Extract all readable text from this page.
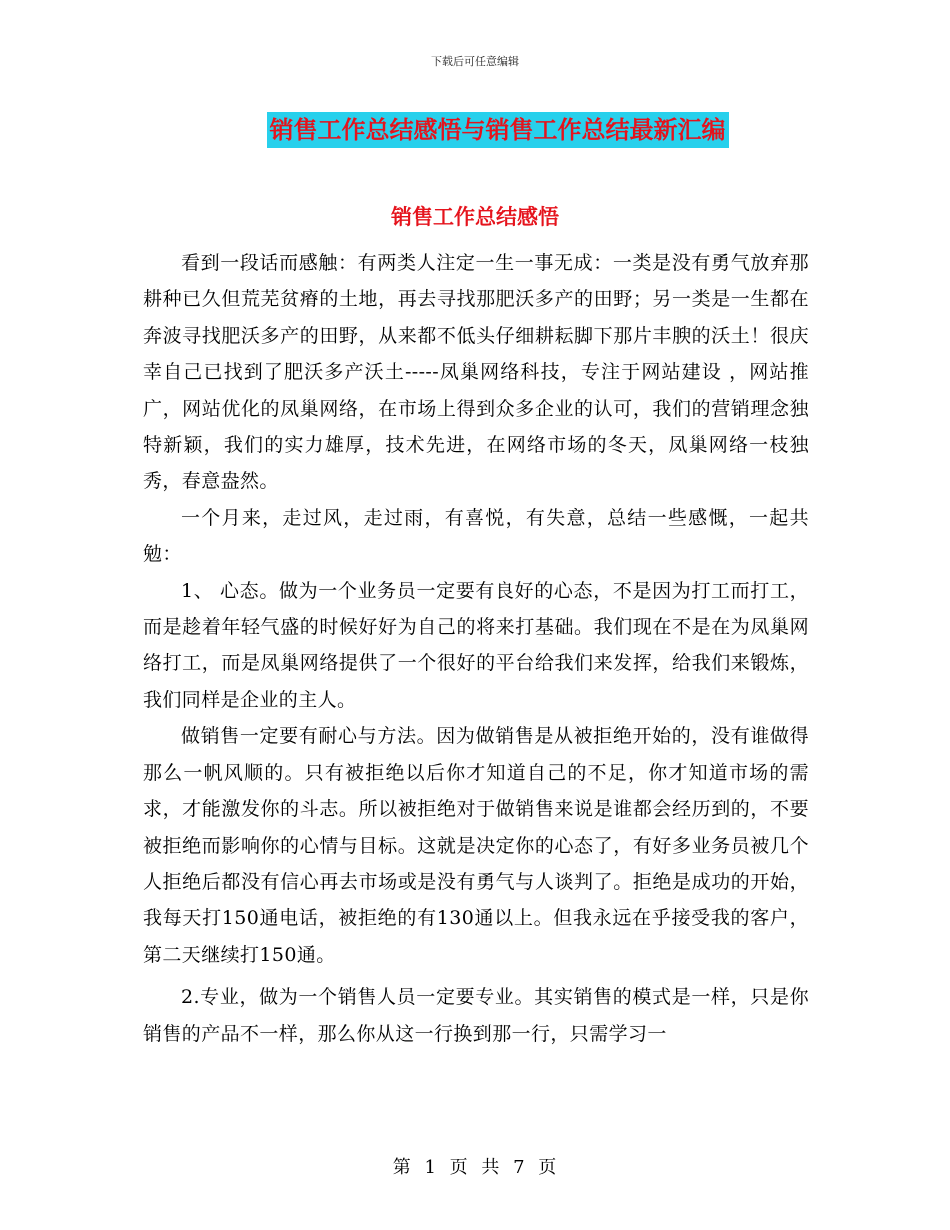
下载后可任意编辑
销售工作总结感悟与销售工作总结最新汇编
销售工作总结感悟

看到一段话而感触：有两类人注定一生一事无成：一类是没有勇气放弃那耕种已久但荒芜贫瘠的土地，再去寻找那肥沃多产的田野；另一类是一生都在奔波寻找肥沃多产的田野，从来都不低头仔细耕耘脚下那片丰腴的沃土！很庆幸自己已找到了肥沃多产沃土-----凤巢网络科技，专注于网站建设 ，网站推广，网站优化的凤巢网络，在市场上得到众多企业的认可，我们的营销理念独特新颖，我们的实力雄厚，技术先进，在网络市场的冬天，凤巢网络一枝独秀，春意盎然。

一个月来，走过风，走过雨，有喜悦，有失意，总结一些感慨，一起共勉：

1、 心态。做为一个业务员一定要有良好的心态，不是因为打工而打工，而是趁着年轻气盛的时候好好为自己的将来打基础。我们现在不是在为凤巢网络打工，而是凤巢网络提供了一个很好的平台给我们来发挥，给我们来锻炼，我们同样是企业的主人。

做销售一定要有耐心与方法。因为做销售是从被拒绝开始的，没有谁做得那么一帆风顺的。只有被拒绝以后你才知道自己的不足，你才知道市场的需求，才能激发你的斗志。所以被拒绝对于做销售来说是谁都会经历到的，不要被拒绝而影响你的心情与目标。这就是决定你的心态了，有好多业务员被几个人拒绝后都没有信心再去市场或是没有勇气与人谈判了。拒绝是成功的开始，我每天打150通电话，被拒绝的有130通以上。但我永远在乎接受我的客户，第二天继续打150通。

2.专业，做为一个销售人员一定要专业。其实销售的模式是一样，只是你销售的产品不一样，那么你从这一行换到那一行，只需学习一

第 1 页 共 7 页
